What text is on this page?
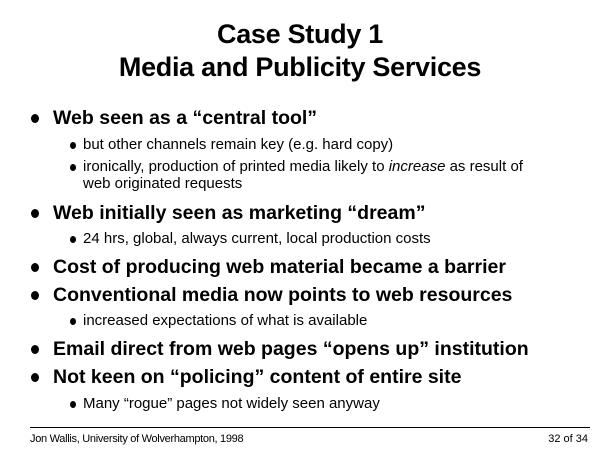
Case Study 1
Media and Publicity Services
Web seen as a “central tool”
but other channels remain key (e.g. hard copy)
ironically, production of printed media likely to increase as result of web originated requests
Web initially seen as marketing “dream”
24 hrs, global, always current, local production costs
Cost of producing web material became a barrier
Conventional media now points to web resources
increased expectations of what is available
Email direct from web pages “opens up” institution
Not keen on “policing” content of entire site
Many “rogue” pages not widely seen anyway
Jon Wallis, University of Wolverhampton, 1998	32 of 34
